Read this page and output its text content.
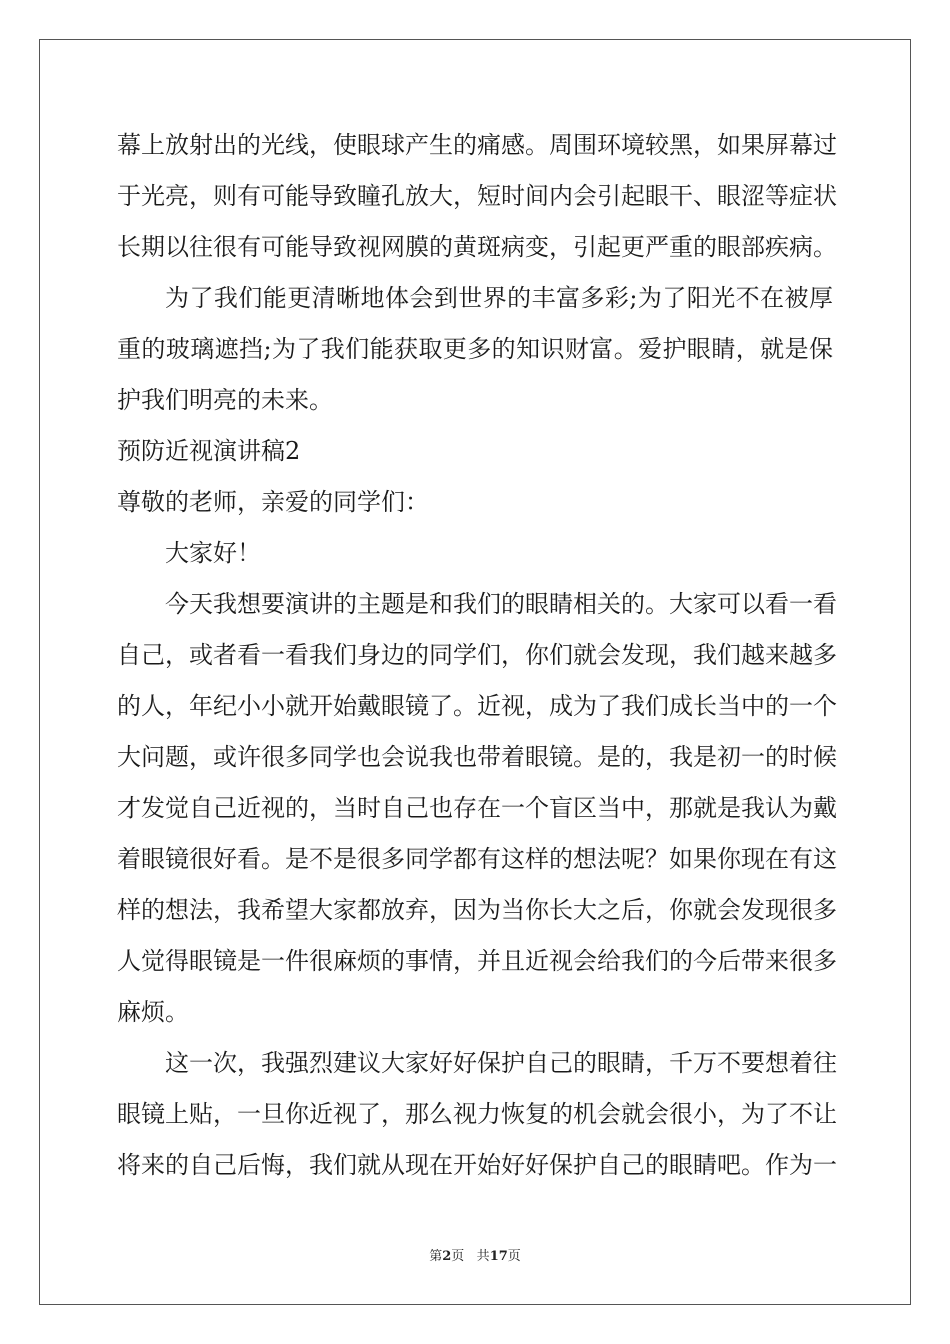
幕上放射出的光线，使眼球产生的痛感。周围环境较黑，如果屏幕过
于光亮，则有可能导致瞳孔放大，短时间内会引起眼干、眼涩等症状
长期以往很有可能导致视网膜的黄斑病变，引起更严重的眼部疾病。
为了我们能更清晰地体会到世界的丰富多彩;为了阳光不在被厚
重的玻璃遮挡;为了我们能获取更多的知识财富。爱护眼睛，就是保
护我们明亮的未来。
预防近视演讲稿2
尊敬的老师，亲爱的同学们：
大家好！
今天我想要演讲的主题是和我们的眼睛相关的。大家可以看一看
自己，或者看一看我们身边的同学们，你们就会发现，我们越来越多
的人，年纪小小就开始戴眼镜了。近视，成为了我们成长当中的一个
大问题，或许很多同学也会说我也带着眼镜。是的，我是初一的时候
才发觉自己近视的，当时自己也存在一个盲区当中，那就是我认为戴
着眼镜很好看。是不是很多同学都有这样的想法呢？如果你现在有这
样的想法，我希望大家都放弃，因为当你长大之后，你就会发现很多
人觉得眼镜是一件很麻烦的事情，并且近视会给我们的今后带来很多
麻烦。
这一次，我强烈建议大家好好保护自己的眼睛，千万不要想着往
眼镜上贴，一旦你近视了，那么视力恢复的机会就会很小，为了不让
将来的自己后悔，我们就从现在开始好好保护自己的眼睛吧。作为一
第2页 共17页
